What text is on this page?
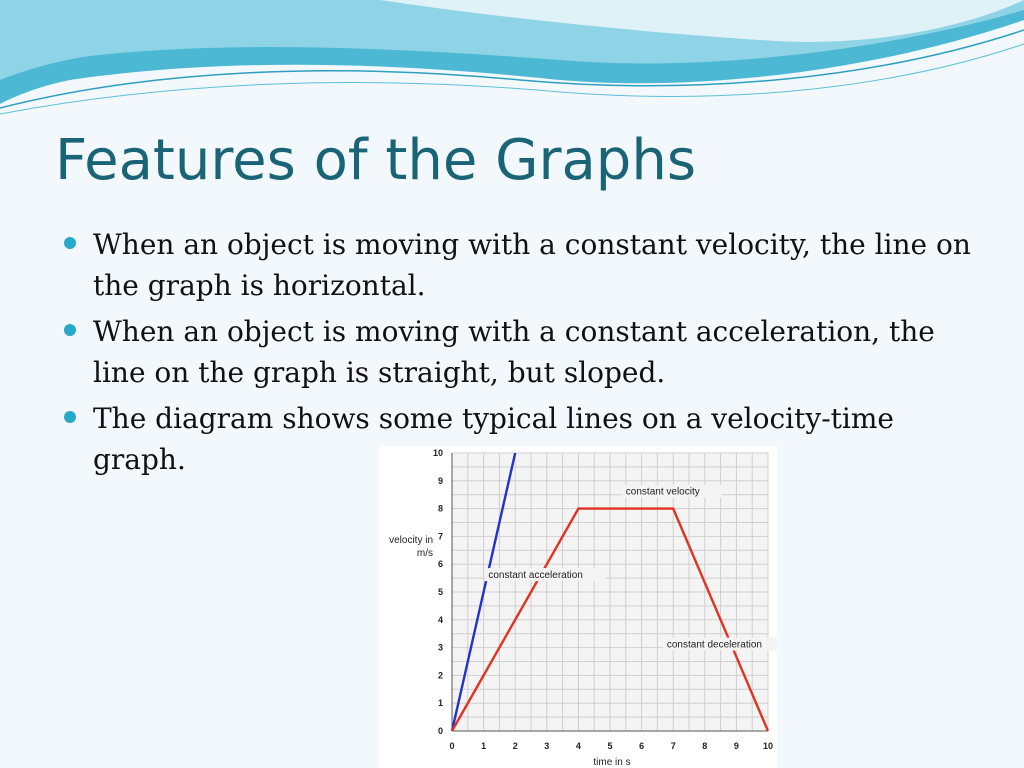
Features of the Graphs
When an object is moving with a constant velocity, the line on the graph is horizontal.
When an object is moving with a constant acceleration, the line on the graph is straight, but sloped.
The diagram shows some typical lines on a velocity-time graph.
0	1	2	3	4	5	6	7	8	9	10
0
1
2
3
4
5
6
7
8
9
10
time in s
velocity in
m/s
constant velocity
constant acceleration
constant deceleration
